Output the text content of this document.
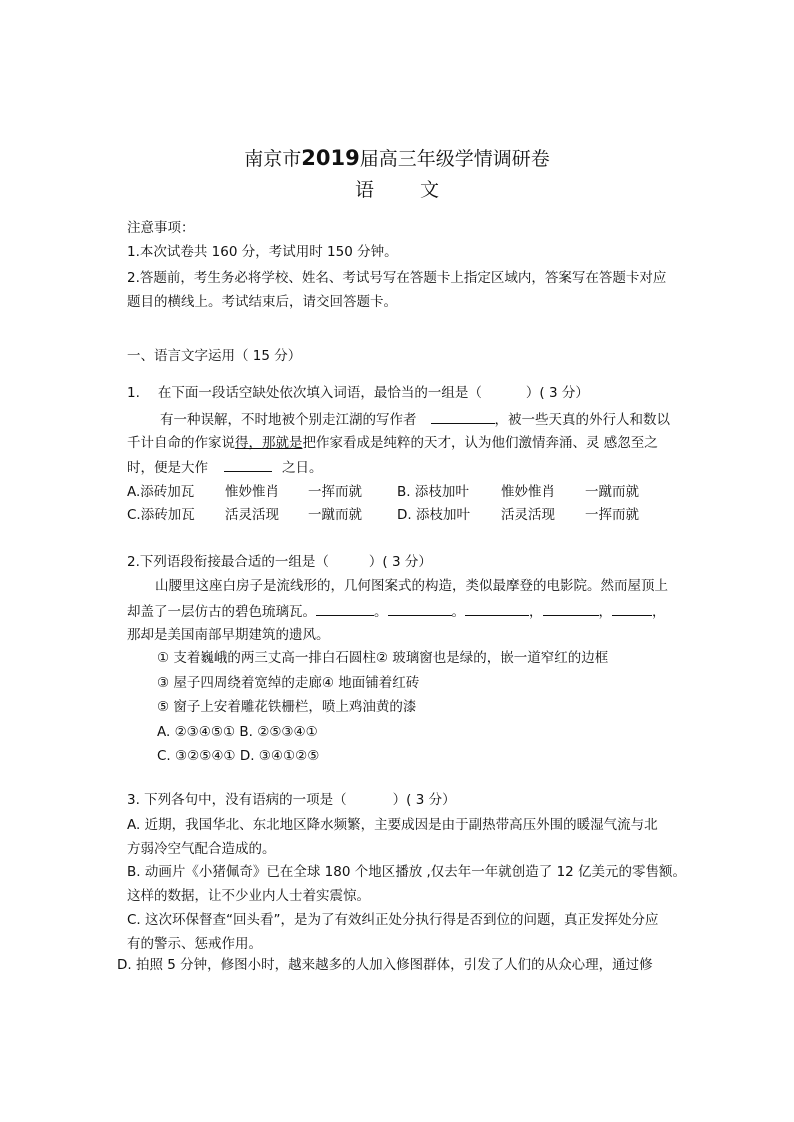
南京市2019届高三年级学情调研卷
语 文
注意事项：
1.本次试卷共 160 分，考试用时 150 分钟。
2.答题前，考生务必将学校、姓名、考试号写在答题卡上指定区域内，答案写在答题卡对应
题目的横线上。考试结束后，请交回答题卡。
一、语言文字运用（ 15 分）
1. 在下面一段话空缺处依次填入词语，最恰当的一组是（	）( 3 分）
有一种误解，不时地被个别走江湖的写作者	，被一些天真的外行人和数以
千计自命的作家说得，那就是把作家看成是纯粹的天才，认为他们激情奔涌、灵 感忽至之
时，便是大作	之日。
A.添砖加瓦 惟妙惟肖 一挥而就	B. 添枝加叶 惟妙惟肖 一蹴而就
C.添砖加瓦 活灵活现 一蹴而就	D. 添枝加叶 活灵活现 一挥而就
2.下列语段衔接最合适的一组是（	）( 3 分）
山腰里这座白房子是流线形的，几何图案式的构造，类似最摩登的电影院。然而屋顶上
却盖了一层仿古的碧色琉璃瓦。	。	。	，	，	，
那却是美国南部早期建筑的遗风。
① 支着巍峨的两三丈高一排白石圆柱② 玻璃窗也是绿的，嵌一道窄红的边框
③ 屋子四周绕着宽绰的走廊④ 地面铺着红砖
⑤ 窗子上安着雕花铁栅栏，喷上鸡油黄的漆
A. ②③④⑤① B. ②⑤③④①
C. ③②⑤④① D. ③④①②⑤
3. 下列各句中，没有语病的一项是（	）( 3 分）
A. 近期，我国华北、东北地区降水频繁，主要成因是由于副热带高压外围的暖湿气流与北
方弱冷空气配合造成的。
B. 动画片《小猪佩奇》已在全球 180 个地区播放 ,仅去年一年就创造了 12 亿美元的零售额。
这样的数据，让不少业内人士着实震惊。
C. 这次环保督查“回头看”，是为了有效纠正处分执行得是否到位的问题，真正发挥处分应
有的警示、惩戒作用。
D. 拍照 5 分钟，修图小时，越来越多的人加入修图群体，引发了人们的从众心理，通过修
